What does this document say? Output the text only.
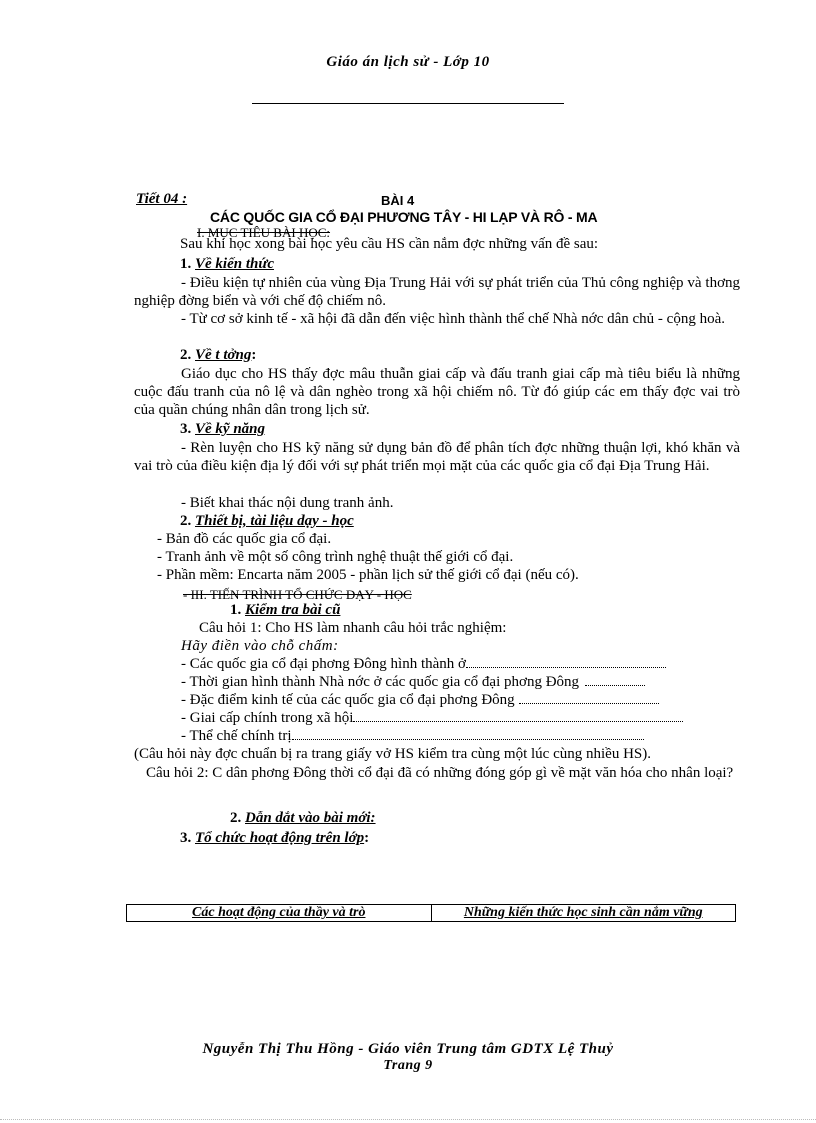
Giáo án lịch sử - Lớp 10
Tiết 04 :	BÀI 4
CÁC QUỐC GIA CỔ ĐẠI PHƯƠNG TÂY - HI LẠP VÀ RÔ - MA
I. MỤC TIÊU BÀI HỌC:
Sau khi học xong bài học yêu cầu HS cần nắm đợc những vấn đề sau:
1. Về kiến thức
- Điều kiện tự nhiên của vùng Địa Trung Hải với sự phát triển của Thủ công nghiệp và thơng nghiệp đờng biển và với chế độ chiếm nô.
- Từ cơ sở kinh tế - xã hội đã dẫn đến việc hình thành thể chế Nhà nớc dân chủ - cộng hoà.
2. Về t tởng:
Giáo dục cho HS thấy đợc mâu thuẫn giai cấp và đấu tranh giai cấp mà tiêu biểu là những cuộc đấu tranh của nô lệ và dân nghèo trong xã hội chiếm nô. Từ đó giúp các em thấy đợc vai trò của quần chúng nhân dân trong lịch sử.
3. Về kỹ năng
- Rèn luyện cho HS kỹ năng sử dụng bản đồ để phân tích đợc những thuận lợi, khó khăn và vai trò của điều kiện địa lý đối với sự phát triển mọi mặt của các quốc gia cổ đại Địa Trung Hải.
- Biết khai thác nội dung tranh ảnh.
2. Thiết bị, tài liệu dạy - học
- Bản đồ các quốc gia cổ đại.
- Tranh ảnh về một số công trình nghệ thuật thế giới cổ đại.
- Phần mềm: Encarta năm 2005 - phần lịch sử thế giới cổ đại (nếu có).
- III. TIẾN TRÌNH TỔ CHỨC DẠY - HỌC
1. Kiểm tra bài cũ
Câu hỏi 1: Cho HS làm nhanh câu hỏi trắc nghiệm:
Hãy điền vào chỗ chấm:
- Các quốc gia cổ đại phơng Đông hình thành ở
- Thời gian hình thành Nhà nớc ở các quốc gia cổ đại phơng Đông
- Đặc điểm kinh tế của các quốc gia cổ đại phơng Đông
- Giai cấp chính trong xã hội
- Thể chế chính trị
(Câu hỏi này đợc chuẩn bị ra trang giấy vở HS kiểm tra cùng một lúc cùng nhiều HS).
Câu hỏi 2: C dân phơng Đông thời cổ đại đã có những đóng góp gì về mặt văn hóa cho nhân loại?
2. Dẫn dắt vào bài mới:
3. Tổ chức hoạt động trên lớp:
Các hoạt động của thầy và trò	Những kiến thức học sinh cần nắm vững
Nguyễn Thị Thu Hồng - Giáo viên Trung tâm GDTX Lệ Thuỷ
Trang 9
